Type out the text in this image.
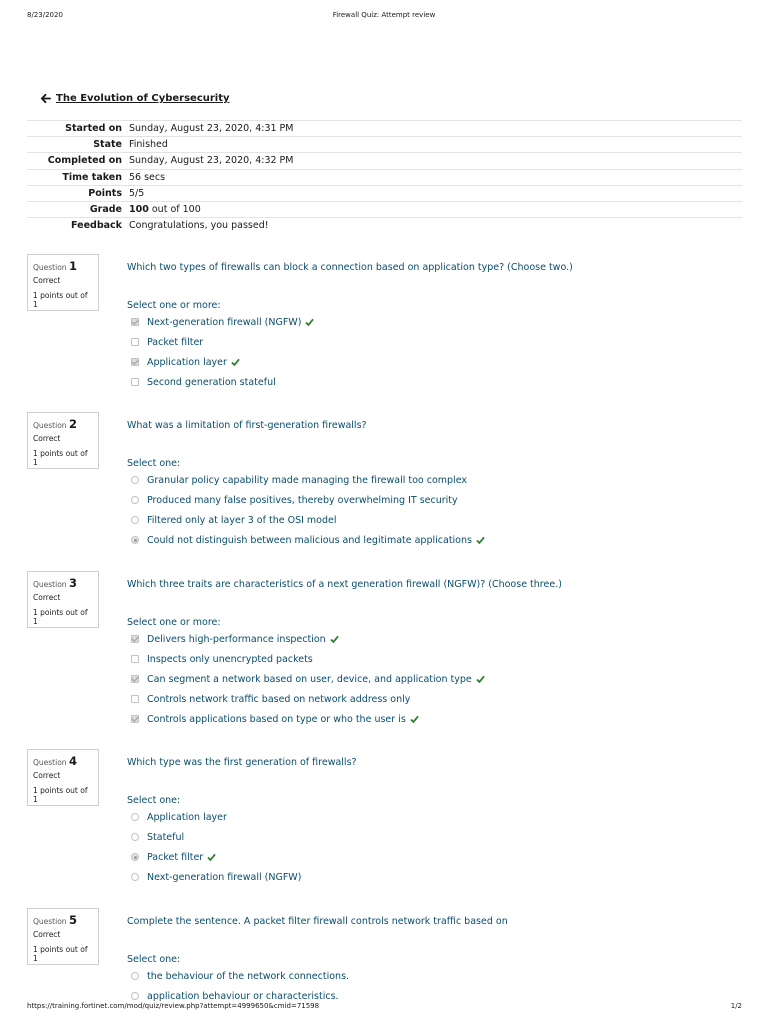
8/23/2020	Firewall Quiz: Attempt review
The Evolution of Cybersecurity
Started on	Sunday, August 23, 2020, 4:31 PM
State	Finished
Completed on	Sunday, August 23, 2020, 4:32 PM
Time taken	56 secs
Points	5/5
Grade	100 out of 100
Feedback	Congratulations, you passed!
Question 1
Correct
1 points out of 1
Which two types of firewalls can block a connection based on application type? (Choose two.)
Select one or more:
Next-generation firewall (NGFW)
Packet filter
Application layer
Second generation stateful
Question 2
Correct
1 points out of 1
What was a limitation of first-generation firewalls?
Select one:
Granular policy capability made managing the firewall too complex
Produced many false positives, thereby overwhelming IT security
Filtered only at layer 3 of the OSI model
Could not distinguish between malicious and legitimate applications
Question 3
Correct
1 points out of 1
Which three traits are characteristics of a next generation firewall (NGFW)? (Choose three.)
Select one or more:
Delivers high-performance inspection
Inspects only unencrypted packets
Can segment a network based on user, device, and application type
Controls network traffic based on network address only
Controls applications based on type or who the user is
Question 4
Correct
1 points out of 1
Which type was the first generation of firewalls?
Select one:
Application layer
Stateful
Packet filter
Next-generation firewall (NGFW)
Question 5
Correct
1 points out of 1
Complete the sentence. A packet filter firewall controls network traffic based on
Select one:
the behaviour of the network connections.
application behaviour or characteristics.
https://training.fortinet.com/mod/quiz/review.php?attempt=4999650&cmid=71598	1/2
